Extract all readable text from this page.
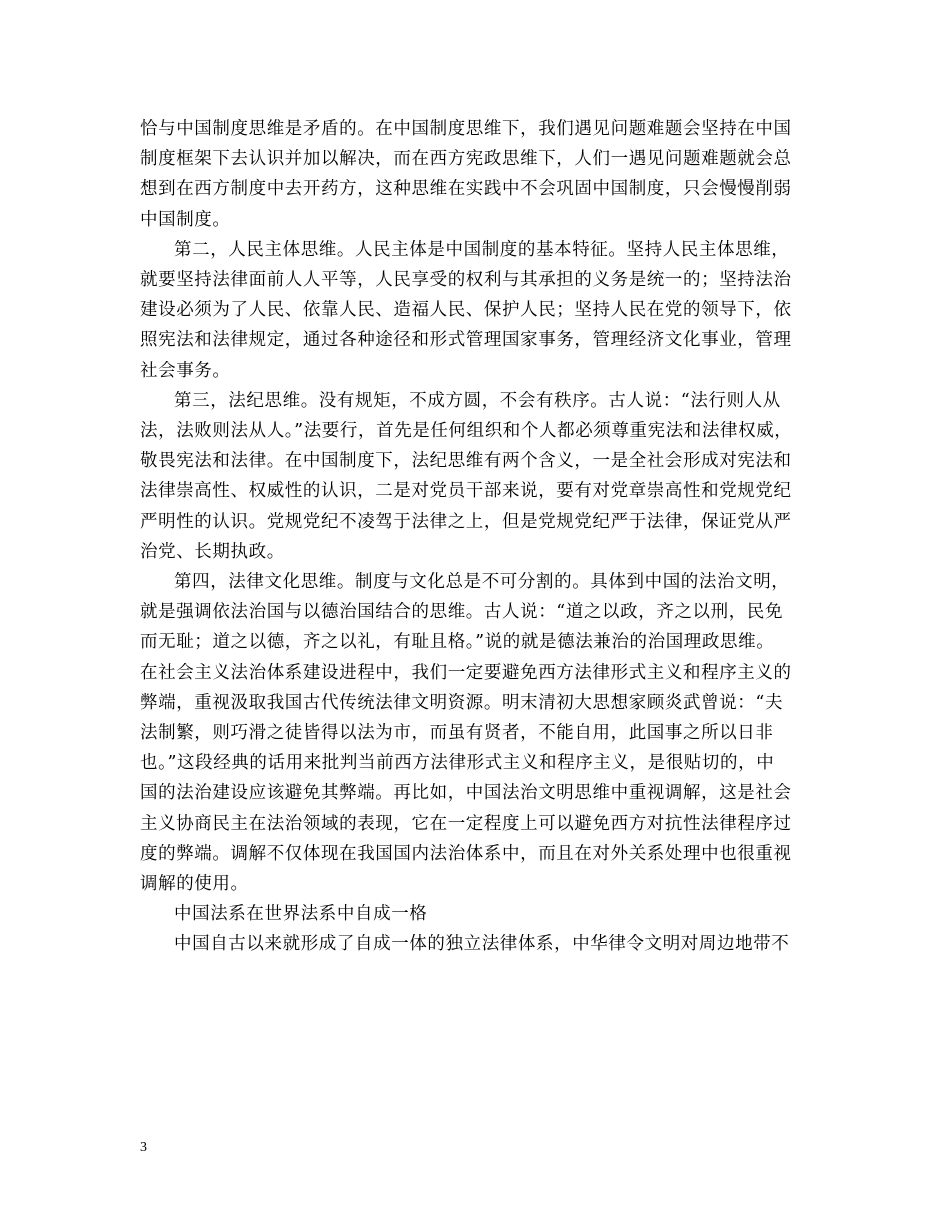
恰与中国制度思维是矛盾的。在中国制度思维下，我们遇见问题难题会坚持在中国
制度框架下去认识并加以解决，而在西方宪政思维下，人们一遇见问题难题就会总
想到在西方制度中去开药方，这种思维在实践中不会巩固中国制度，只会慢慢削弱
中国制度。

第二，人民主体思维。人民主体是中国制度的基本特征。坚持人民主体思维，
就要坚持法律面前人人平等，人民享受的权利与其承担的义务是统一的；坚持法治
建设必须为了人民、依靠人民、造福人民、保护人民；坚持人民在党的领导下，依
照宪法和法律规定，通过各种途径和形式管理国家事务，管理经济文化事业，管理
社会事务。

第三，法纪思维。没有规矩，不成方圆，不会有秩序。古人说：“法行则人从
法，法败则法从人。”法要行，首先是任何组织和个人都必须尊重宪法和法律权威，
敬畏宪法和法律。在中国制度下，法纪思维有两个含义，一是全社会形成对宪法和
法律崇高性、权威性的认识，二是对党员干部来说，要有对党章崇高性和党规党纪
严明性的认识。党规党纪不凌驾于法律之上，但是党规党纪严于法律，保证党从严
治党、长期执政。

第四，法律文化思维。制度与文化总是不可分割的。具体到中国的法治文明，
就是强调依法治国与以德治国结合的思维。古人说：“道之以政，齐之以刑，民免
而无耻；道之以德，齐之以礼，有耻且格。”说的就是德法兼治的治国理政思维。
在社会主义法治体系建设进程中，我们一定要避免西方法律形式主义和程序主义的
弊端，重视汲取我国古代传统法律文明资源。明末清初大思想家顾炎武曾说：“夫
法制繁，则巧滑之徒皆得以法为市，而虽有贤者，不能自用，此国事之所以日非
也。”这段经典的话用来批判当前西方法律形式主义和程序主义，是很贴切的，中
国的法治建设应该避免其弊端。再比如，中国法治文明思维中重视调解，这是社会
主义协商民主在法治领域的表现，它在一定程度上可以避免西方对抗性法律程序过
度的弊端。调解不仅体现在我国国内法治体系中，而且在对外关系处理中也很重视
调解的使用。

中国法系在世界法系中自成一格

中国自古以来就形成了自成一体的独立法律体系，中华律令文明对周边地带不

3
